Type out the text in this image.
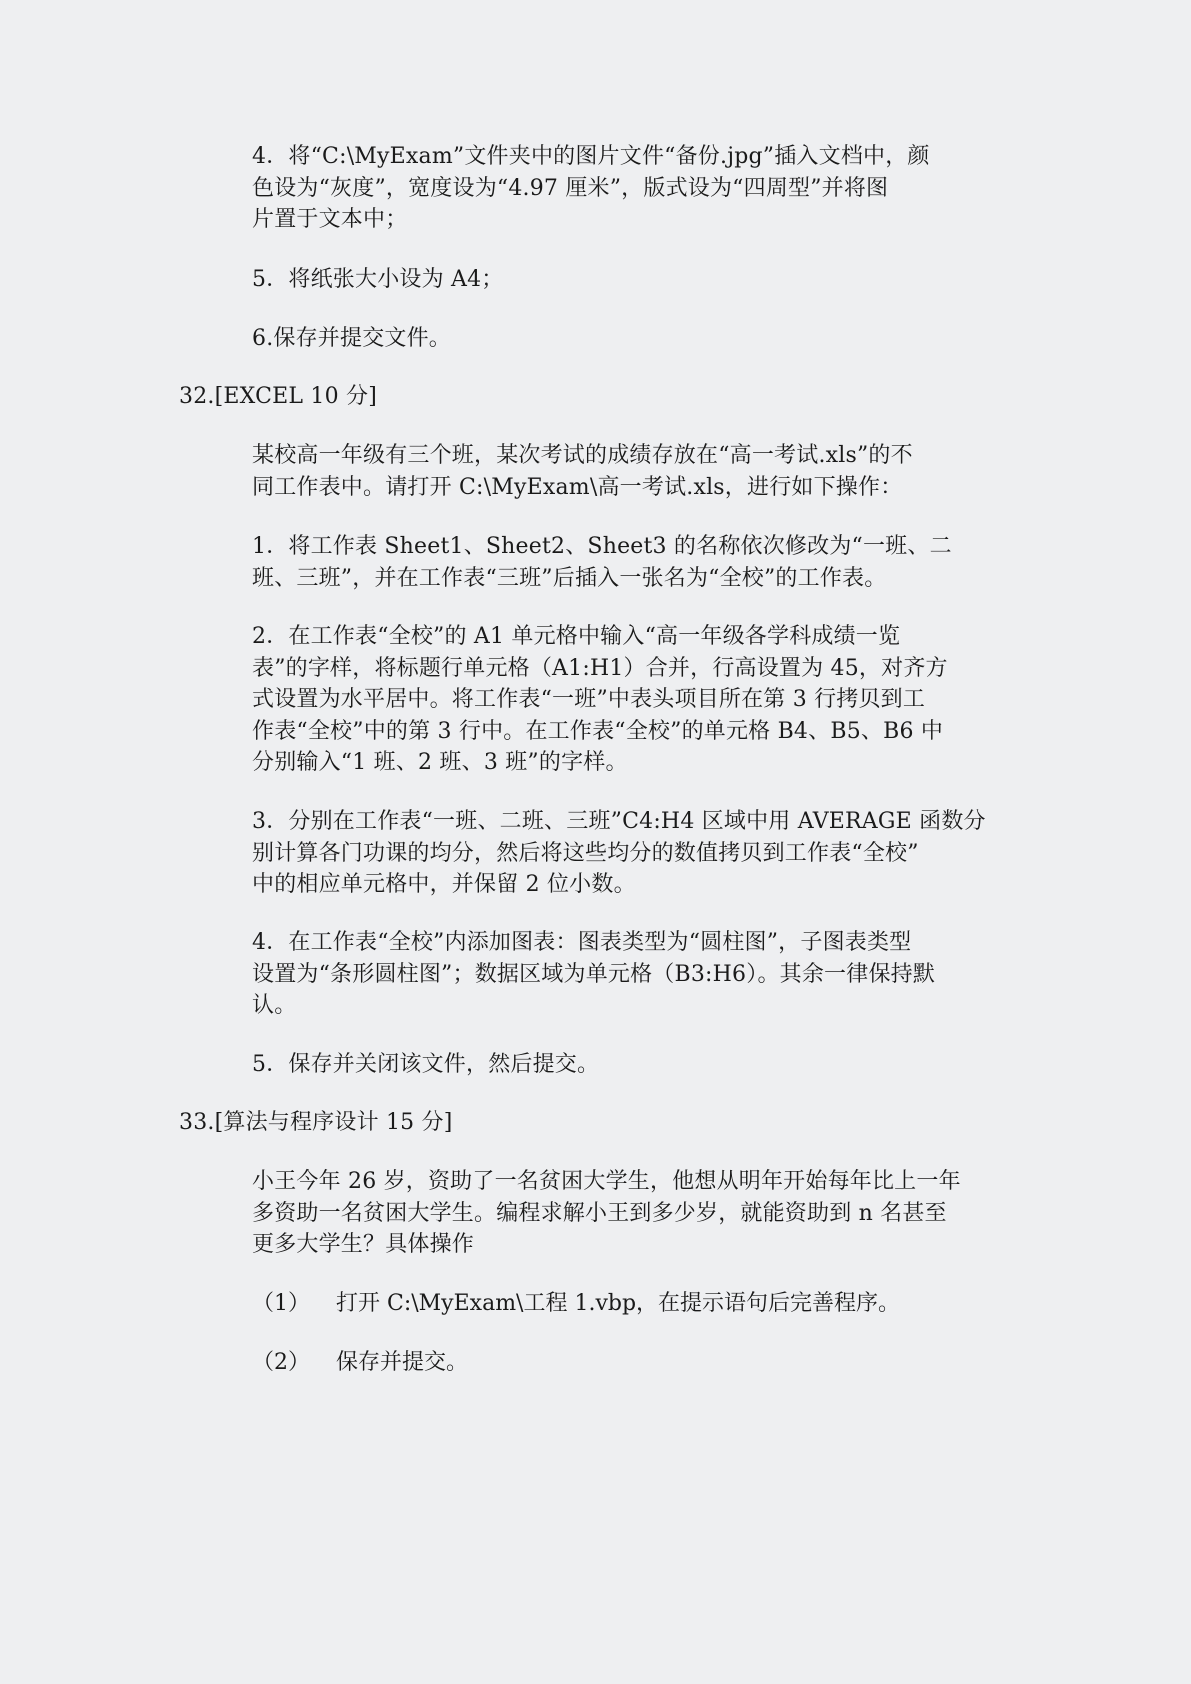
4．将“C:\MyExam”文件夹中的图片文件“备份.jpg”插入文档中，颜
色设为“灰度”，宽度设为“4.97 厘米”，版式设为“四周型”并将图
片置于文本中；
5．将纸张大小设为 A4；
6.保存并提交文件。
32.[EXCEL 10 分]
某校高一年级有三个班，某次考试的成绩存放在“高一考试.xls”的不
同工作表中。请打开 C:\MyExam\高一考试.xls，进行如下操作：
1．将工作表 Sheet1、Sheet2、Sheet3 的名称依次修改为“一班、二
班、三班”，并在工作表“三班”后插入一张名为“全校”的工作表。
2．在工作表“全校”的 A1 单元格中输入“高一年级各学科成绩一览
表”的字样，将标题行单元格（A1:H1）合并，行高设置为 45，对齐方
式设置为水平居中。将工作表“一班”中表头项目所在第 3 行拷贝到工
作表“全校”中的第 3 行中。在工作表“全校”的单元格 B4、B5、B6 中
分别输入“1 班、2 班、3 班”的字样。
3．分别在工作表“一班、二班、三班”C4:H4 区域中用 AVERAGE 函数分
别计算各门功课的均分，然后将这些均分的数值拷贝到工作表“全校”
中的相应单元格中，并保留 2 位小数。
4．在工作表“全校”内添加图表：图表类型为“圆柱图”，子图表类型
设置为“条形圆柱图”；数据区域为单元格（B3:H6）。其余一律保持默
认。
5．保存并关闭该文件，然后提交。
33.[算法与程序设计 15 分]
小王今年 26 岁，资助了一名贫困大学生，他想从明年开始每年比上一年
多资助一名贫困大学生。编程求解小王到多少岁，就能资助到 n 名甚至
更多大学生？具体操作
（1） 打开 C:\MyExam\工程 1.vbp，在提示语句后完善程序。
（2） 保存并提交。
